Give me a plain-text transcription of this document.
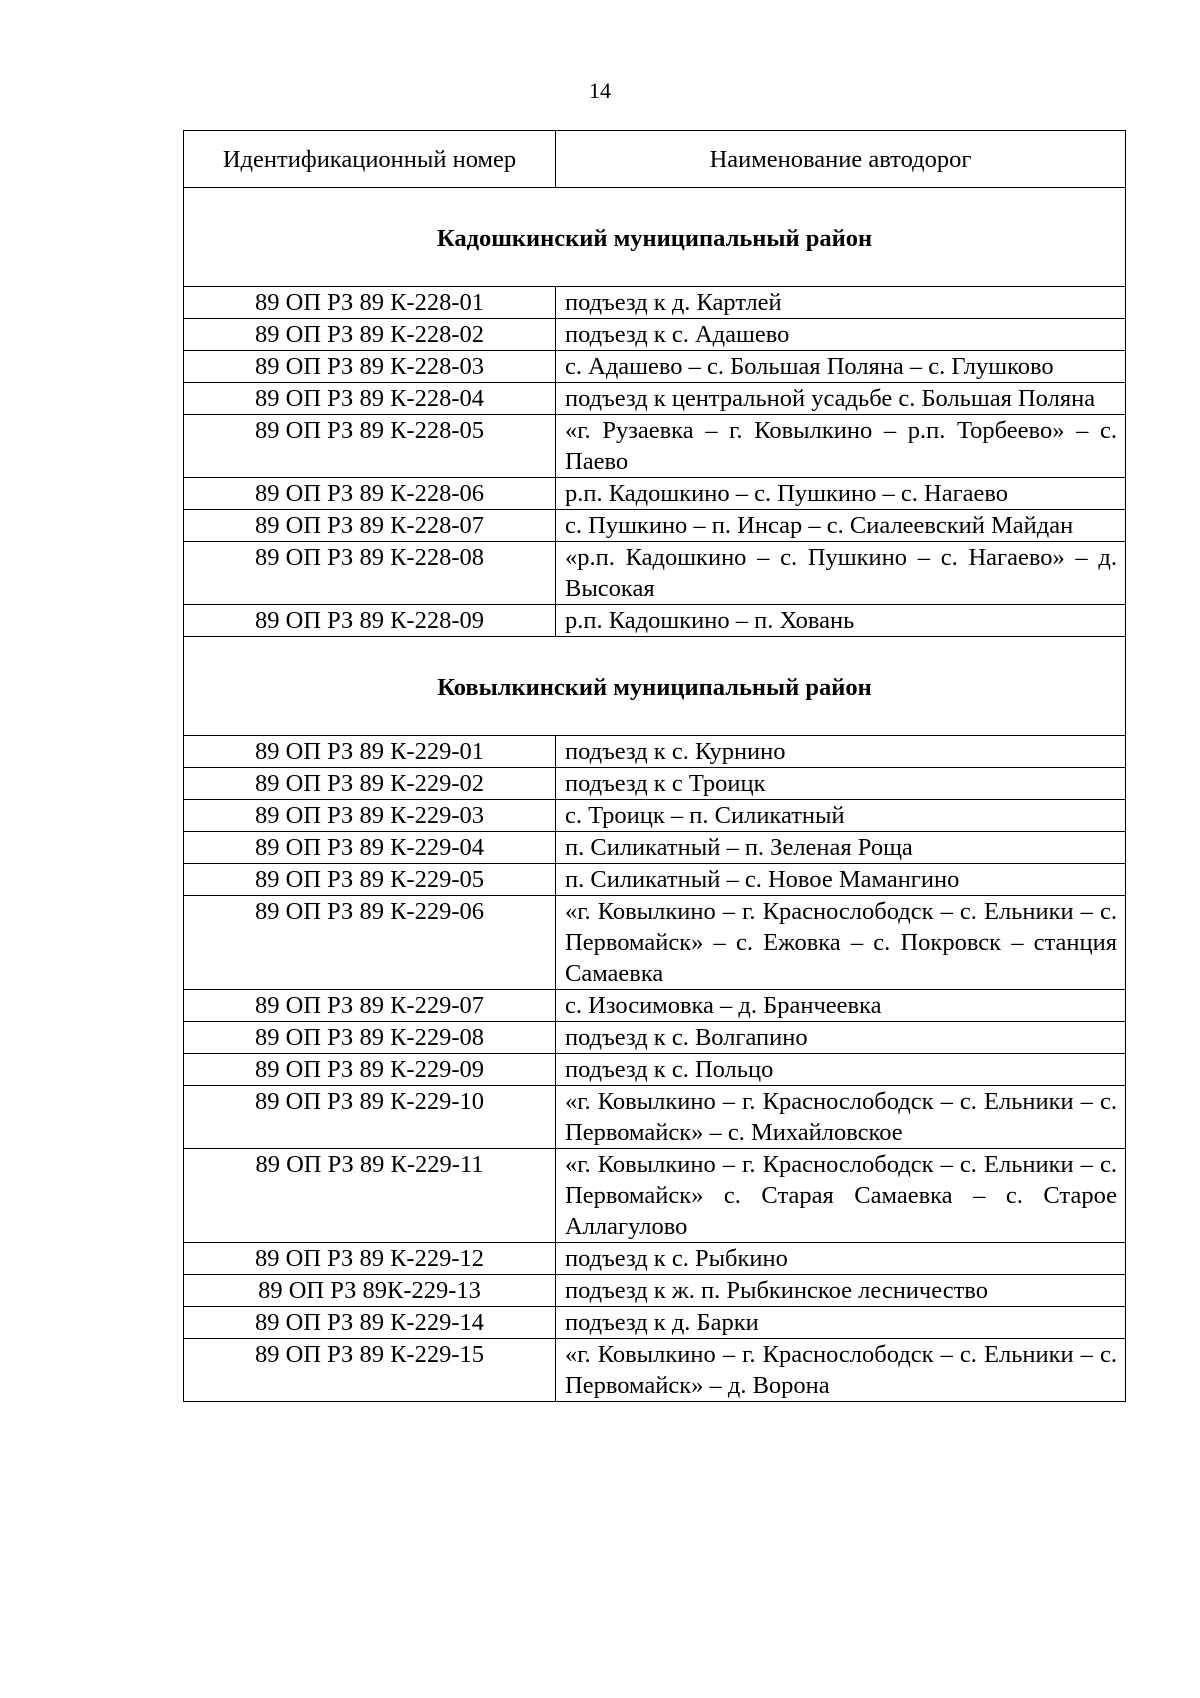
14
Идентификационный номер	Наименование автодорог
Кадошкинский муниципальный район	
89 ОП РЗ 89 К-228-01	подъезд к д. Картлей
89 ОП РЗ 89 К-228-02	подъезд к с. Адашево
89 ОП РЗ 89 К-228-03	с. Адашево – с. Большая Поляна – с. Глушково
89 ОП РЗ 89 К-228-04	подъезд к центральной усадьбе с. Большая Поляна
89 ОП РЗ 89 К-228-05	«г. Рузаевка – г. Ковылкино – р.п. Торбеево» – с. Паево
89 ОП РЗ 89 К-228-06	р.п. Кадошкино – с. Пушкино – с. Нагаево
89 ОП РЗ 89 К-228-07	с. Пушкино – п. Инсар – с. Сиалеевский Майдан
89 ОП РЗ 89 К-228-08	«р.п. Кадошкино – с. Пушкино – с. Нагаево» – д. Высокая
89 ОП РЗ 89 К-228-09	р.п. Кадошкино – п. Ховань
Ковылкинский муниципальный район	
89 ОП РЗ 89 К-229-01	подъезд к с. Курнино
89 ОП РЗ 89 К-229-02	подъезд к с Троицк
89 ОП РЗ 89 К-229-03	с. Троицк – п. Силикатный
89 ОП РЗ 89 К-229-04	п. Силикатный – п. Зеленая Роща
89 ОП РЗ 89 К-229-05	п. Силикатный – с. Новое Мамангино
89 ОП РЗ 89 К-229-06	«г. Ковылкино – г. Краснослободск – с. Ельники – с. Первомайск» – с. Ежовка – с. Покровск – станция Самаевка
89 ОП РЗ 89 К-229-07	с. Изосимовка – д. Бранчеевка
89 ОП РЗ 89 К-229-08	подъезд к с. Волгапино
89 ОП РЗ 89 К-229-09	подъезд к с. Польцо
89 ОП РЗ 89 К-229-10	«г. Ковылкино – г. Краснослободск – с. Ельники – с. Первомайск» – с. Михайловское
89 ОП РЗ 89 К-229-11	«г. Ковылкино – г. Краснослободск – с. Ельники – с. Первомайск» с. Старая Самаевка – с. Старое Аллагулово
89 ОП РЗ 89 К-229-12	подъезд к с. Рыбкино
89 ОП РЗ 89К-229-13	подъезд к ж. п. Рыбкинское лесничество
89 ОП РЗ 89 К-229-14	подъезд к д. Барки
89 ОП РЗ 89 К-229-15	«г. Ковылкино – г. Краснослободск – с. Ельники – с. Первомайск» – д. Ворона
